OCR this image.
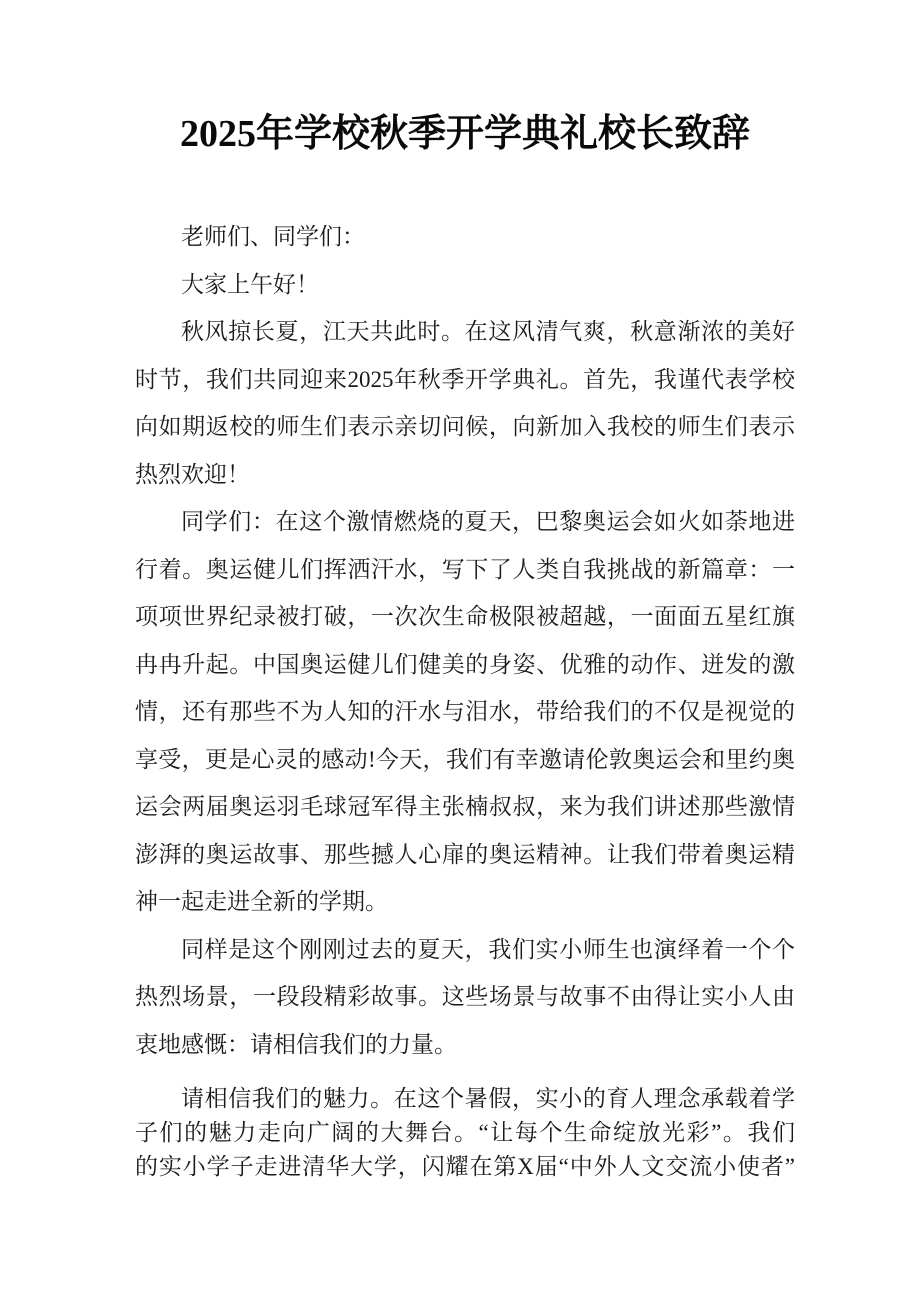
2025年学校秋季开学典礼校长致辞
老师们、同学们：
大家上午好！
秋风掠长夏，江天共此时。在这风清气爽，秋意渐浓的美好
时节，我们共同迎来2025年秋季开学典礼。首先，我谨代表学校
向如期返校的师生们表示亲切问候，向新加入我校的师生们表示
热烈欢迎！
同学们：在这个激情燃烧的夏天，巴黎奥运会如火如荼地进
行着。奥运健儿们挥洒汗水，写下了人类自我挑战的新篇章：一
项项世界纪录被打破，一次次生命极限被超越，一面面五星红旗
冉冉升起。中国奥运健儿们健美的身姿、优雅的动作、迸发的激
情，还有那些不为人知的汗水与泪水，带给我们的不仅是视觉的
享受，更是心灵的感动!今天，我们有幸邀请伦敦奥运会和里约奥
运会两届奥运羽毛球冠军得主张楠叔叔，来为我们讲述那些激情
澎湃的奥运故事、那些撼人心扉的奥运精神。让我们带着奥运精
神一起走进全新的学期。
同样是这个刚刚过去的夏天，我们实小师生也演绎着一个个
热烈场景，一段段精彩故事。这些场景与故事不由得让实小人由
衷地感慨：请相信我们的力量。
请相信我们的魅力。在这个暑假，实小的育人理念承载着学
子们的魅力走向广阔的大舞台。“让每个生命绽放光彩”。我们
的实小学子走进清华大学，闪耀在第X届“中外人文交流小使者”
